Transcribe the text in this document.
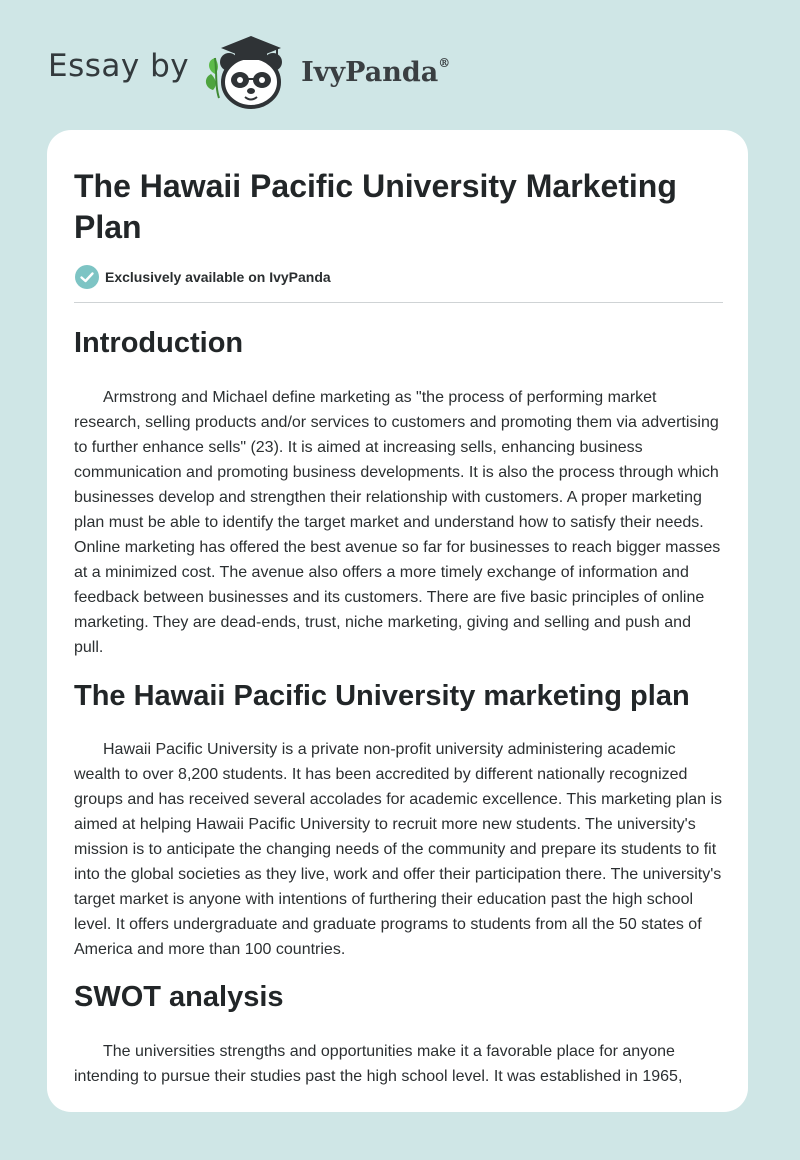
Essay by	IvyPanda®
The Hawaii Pacific University Marketing Plan
Exclusively available on IvyPanda
Introduction

Armstrong and Michael define marketing as "the process of performing market research, selling products and/or services to customers and promoting them via advertising to further enhance sells" (23). It is aimed at increasing sells, enhancing business communication and promoting business developments. It is also the process through which businesses develop and strengthen their relationship with customers. A proper marketing plan must be able to identify the target market and understand how to satisfy their needs. Online marketing has offered the best avenue so far for businesses to reach bigger masses at a minimized cost. The avenue also offers a more timely exchange of information and feedback between businesses and its customers. There are five basic principles of online marketing. They are dead-ends, trust, niche marketing, giving and selling and push and pull.

The Hawaii Pacific University marketing plan

Hawaii Pacific University is a private non-profit university administering academic wealth to over 8,200 students. It has been accredited by different nationally recognized groups and has received several accolades for academic excellence. This marketing plan is aimed at helping Hawaii Pacific University to recruit more new students. The university's mission is to anticipate the changing needs of the community and prepare its students to fit into the global societies as they live, work and offer their participation there. The university's target market is anyone with intentions of furthering their education past the high school level. It offers undergraduate and graduate programs to students from all the 50 states of America and more than 100 countries.

SWOT analysis

The universities strengths and opportunities make it a favorable place for anyone intending to pursue their studies past the high school level. It was established in 1965,
